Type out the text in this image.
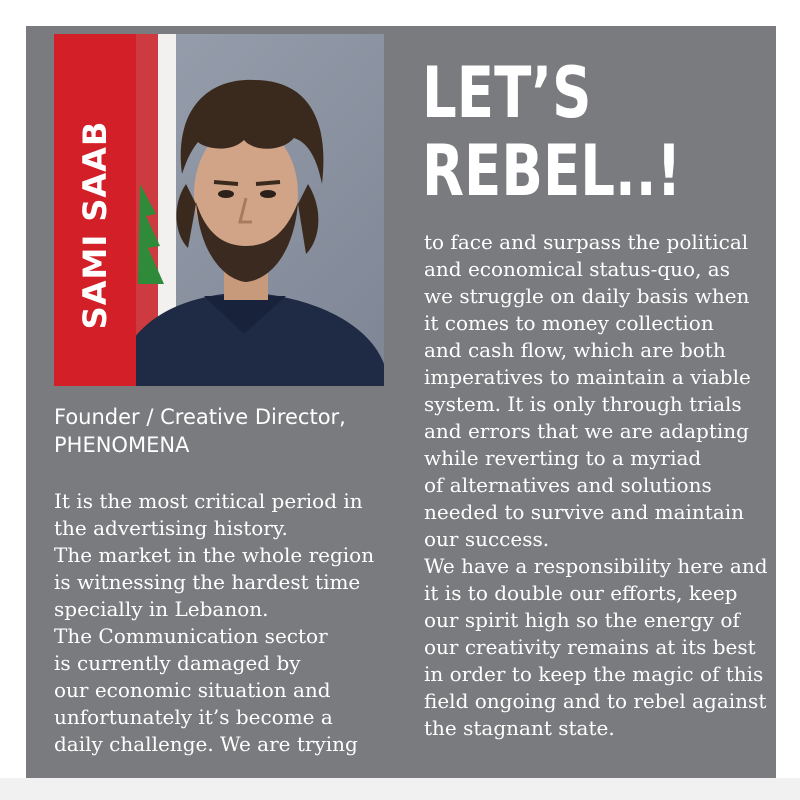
SAMI SAAB
Founder / Creative Director,
PHENOMENA
LET’S
REBEL..!
It is the most critical period in
the advertising history.
The market in the whole region
is witnessing the hardest time
specially in Lebanon.
The Communication sector
is currently damaged by
our economic situation and
unfortunately it’s become a
daily challenge. We are trying
to face and surpass the political
and economical status-quo, as
we struggle on daily basis when
it comes to money collection
and cash flow, which are both
imperatives to maintain a viable
system. It is only through trials
and errors that we are adapting
while reverting to a myriad
of alternatives and solutions
needed to survive and maintain
our success.
We have a responsibility here and
it is to double our efforts, keep
our spirit high so the energy of
our creativity remains at its best
in order to keep the magic of this
field ongoing and to rebel against
the stagnant state.
